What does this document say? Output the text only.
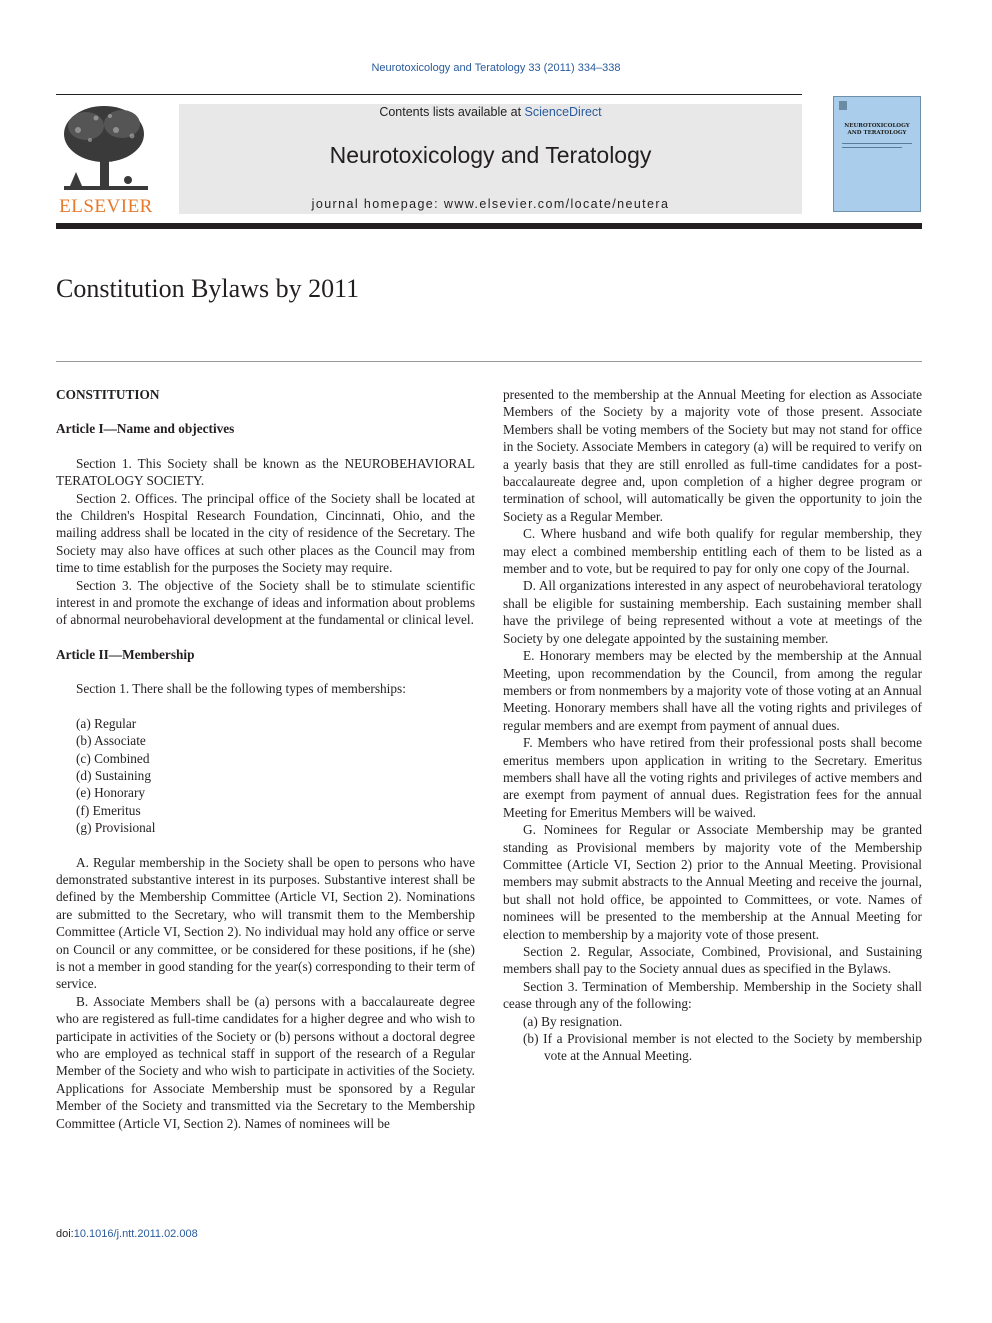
Neurotoxicology and Teratology 33 (2011) 334–338
ELSEVIER
Contents lists available at ScienceDirect
Neurotoxicology and Teratology
journal homepage: www.elsevier.com/locate/neutera
NEUROTOXICOLOGY AND TERATOLOGY
Constitution Bylaws by 2011

CONSTITUTION

Article I—Name and objectives

Section 1. This Society shall be known as the NEUROBEHAVIORAL TERATOLOGY SOCIETY.

Section 2. Offices. The principal office of the Society shall be located at the Children's Hospital Research Foundation, Cincinnati, Ohio, and the mailing address shall be located in the city of residence of the Secretary. The Society may also have offices at such other places as the Council may from time to time establish for the purposes the Society may require.

Section 3. The objective of the Society shall be to stimulate scientific interest in and promote the exchange of ideas and information about problems of abnormal neurobehavioral development at the fundamental or clinical level.

Article II—Membership

Section 1. There shall be the following types of memberships:

(a) Regular
(b) Associate
(c) Combined
(d) Sustaining
(e) Honorary
(f) Emeritus
(g) Provisional

A. Regular membership in the Society shall be open to persons who have demonstrated substantive interest in its purposes. Substantive interest shall be defined by the Membership Committee (Article VI, Section 2). Nominations are submitted to the Secretary, who will transmit them to the Membership Committee (Article VI, Section 2). No individual may hold any office or serve on Council or any committee, or be considered for these positions, if he (she) is not a member in good standing for the year(s) corresponding to their term of service.

B. Associate Members shall be (a) persons with a baccalaureate degree who are registered as full-time candidates for a higher degree and who wish to participate in activities of the Society or (b) persons without a doctoral degree who are employed as technical staff in support of the research of a Regular Member of the Society and who wish to participate in activities of the Society. Applications for Associate Membership must be sponsored by a Regular Member of the Society and transmitted via the Secretary to the Membership Committee (Article VI, Section 2). Names of nominees will be

presented to the membership at the Annual Meeting for election as Associate Members of the Society by a majority vote of those present. Associate Members shall be voting members of the Society but may not stand for office in the Society. Associate Members in category (a) will be required to verify on a yearly basis that they are still enrolled as full-time candidates for a post-baccalaureate degree and, upon completion of a higher degree program or termination of school, will automatically be given the opportunity to join the Society as a Regular Member.

C. Where husband and wife both qualify for regular membership, they may elect a combined membership entitling each of them to be listed as a member and to vote, but be required to pay for only one copy of the Journal.

D. All organizations interested in any aspect of neurobehavioral teratology shall be eligible for sustaining membership. Each sustaining member shall have the privilege of being represented without a vote at meetings of the Society by one delegate appointed by the sustaining member.

E. Honorary members may be elected by the membership at the Annual Meeting, upon recommendation by the Council, from among the regular members or from nonmembers by a majority vote of those voting at an Annual Meeting. Honorary members shall have all the voting rights and privileges of regular members and are exempt from payment of annual dues.

F. Members who have retired from their professional posts shall become emeritus members upon application in writing to the Secretary. Emeritus members shall have all the voting rights and privileges of active members and are exempt from payment of annual dues. Registration fees for the annual Meeting for Emeritus Members will be waived.

G. Nominees for Regular or Associate Membership may be granted standing as Provisional members by majority vote of the Membership Committee (Article VI, Section 2) prior to the Annual Meeting. Provisional members may submit abstracts to the Annual Meeting and receive the journal, but shall not hold office, be appointed to Committees, or vote. Names of nominees will be presented to the membership at the Annual Meeting for election to membership by a majority vote of those present.

Section 2. Regular, Associate, Combined, Provisional, and Sustaining members shall pay to the Society annual dues as specified in the Bylaws.

Section 3. Termination of Membership. Membership in the Society shall cease through any of the following:

(a) By resignation.
(b) If a Provisional member is not elected to the Society by membership vote at the Annual Meeting.
doi:10.1016/j.ntt.2011.02.008
